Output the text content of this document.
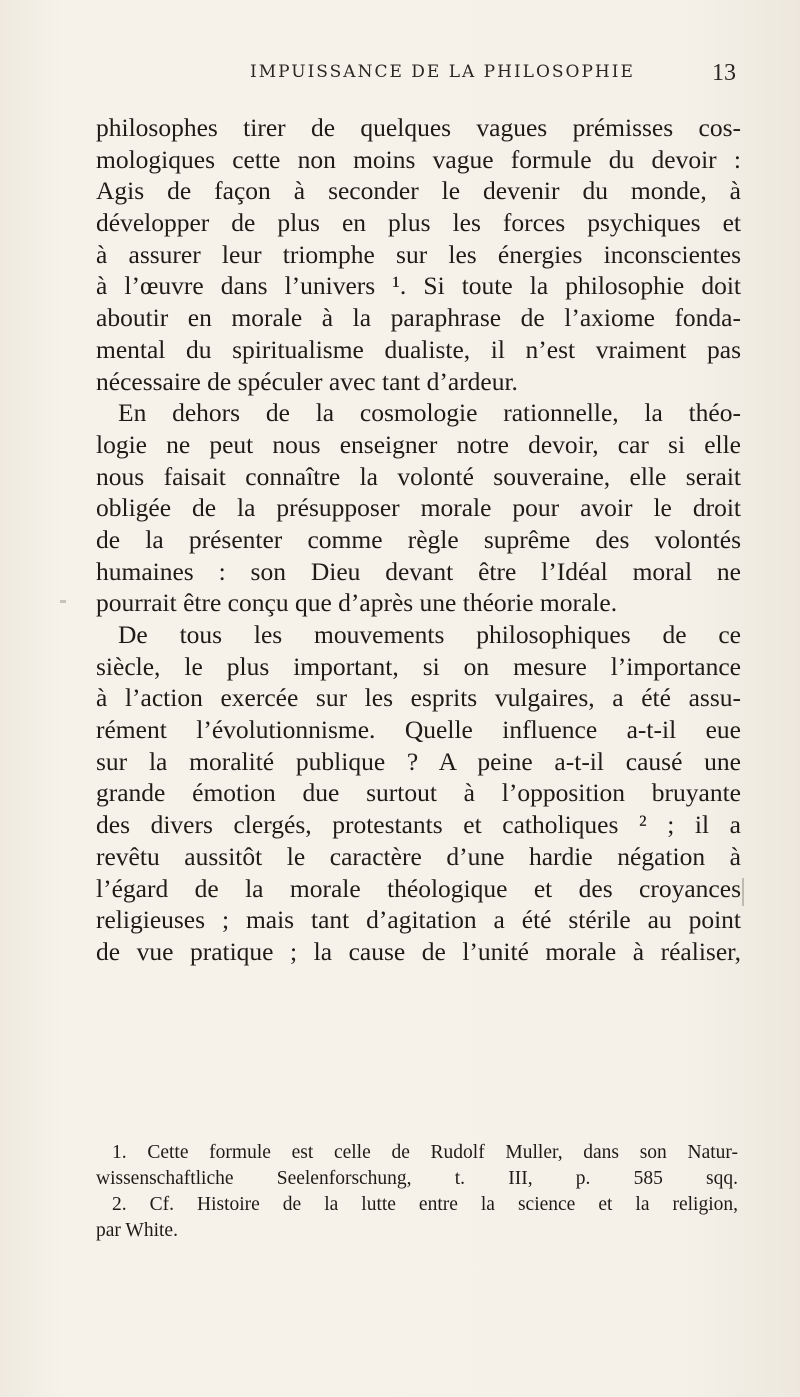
IMPUISSANCE DE LA PHILOSOPHIE	13
philosophes tirer de quelques vagues prémisses cos-
mologiques cette non moins vague formule du devoir :
Agis de façon à seconder le devenir du monde, à
développer de plus en plus les forces psychiques et
à assurer leur triomphe sur les énergies inconscientes
à l’œuvre dans l’univers ¹. Si toute la philosophie doit
aboutir en morale à la paraphrase de l’axiome fonda-
mental du spiritualisme dualiste, il n’est vraiment pas
nécessaire de spéculer avec tant d’ardeur.
En dehors de la cosmologie rationnelle, la théo-
logie ne peut nous enseigner notre devoir, car si elle
nous faisait connaître la volonté souveraine, elle serait
obligée de la présupposer morale pour avoir le droit
de la présenter comme règle suprême des volontés
humaines : son Dieu devant être l’Idéal moral ne
pourrait être conçu que d’après une théorie morale.
De tous les mouvements philosophiques de ce
siècle, le plus important, si on mesure l’importance
à l’action exercée sur les esprits vulgaires, a été assu-
rément l’évolutionnisme. Quelle influence a-t-il eue
sur la moralité publique ? A peine a-t-il causé une
grande émotion due surtout à l’opposition bruyante
des divers clergés, protestants et catholiques ² ; il a
revêtu aussitôt le caractère d’une hardie négation à
l’égard de la morale théologique et des croyances
religieuses ; mais tant d’agitation a été stérile au point
de vue pratique ; la cause de l’unité morale à réaliser,
1. Cette formule est celle de Rudolf Muller, dans son Natur-
wissenschaftliche Seelenforschung, t. III, p. 585 sqq.
2. Cf. Histoire de la lutte entre la science et la religion,
par White.
